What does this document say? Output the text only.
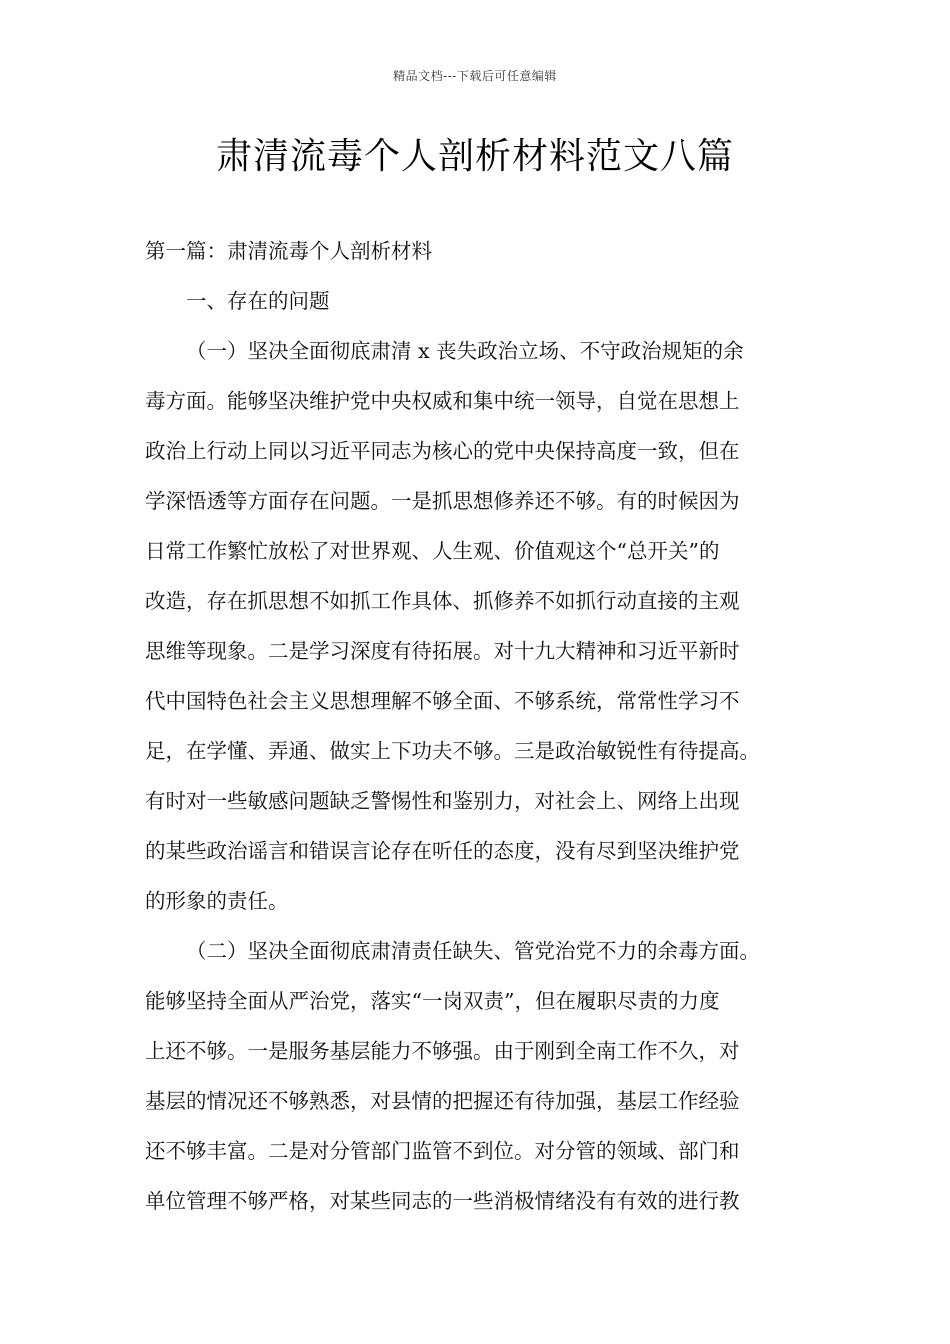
精品文档---下载后可任意编辑
肃清流毒个人剖析材料范文八篇
第一篇：肃清流毒个人剖析材料
一、存在的问题
（一）坚决全面彻底肃清 x 丧失政治立场、不守政治规矩的余
毒方面。能够坚决维护党中央权威和集中统一领导，自觉在思想上
政治上行动上同以习近平同志为核心的党中央保持高度一致，但在
学深悟透等方面存在问题。一是抓思想修养还不够。有的时候因为
日常工作繁忙放松了对世界观、人生观、价值观这个“总开关”的
改造，存在抓思想不如抓工作具体、抓修养不如抓行动直接的主观
思维等现象。二是学习深度有待拓展。对十九大精神和习近平新时
代中国特色社会主义思想理解不够全面、不够系统，常常性学习不
足，在学懂、弄通、做实上下功夫不够。三是政治敏锐性有待提高。
有时对一些敏感问题缺乏警惕性和鉴别力，对社会上、网络上出现
的某些政治谣言和错误言论存在听任的态度，没有尽到坚决维护党
的形象的责任。
（二）坚决全面彻底肃清责任缺失、管党治党不力的余毒方面。
能够坚持全面从严治党，落实“一岗双责”，但在履职尽责的力度
上还不够。一是服务基层能力不够强。由于刚到全南工作不久，对
基层的情况还不够熟悉，对县情的把握还有待加强，基层工作经验
还不够丰富。二是对分管部门监管不到位。对分管的领域、部门和
单位管理不够严格，对某些同志的一些消极情绪没有有效的进行教
